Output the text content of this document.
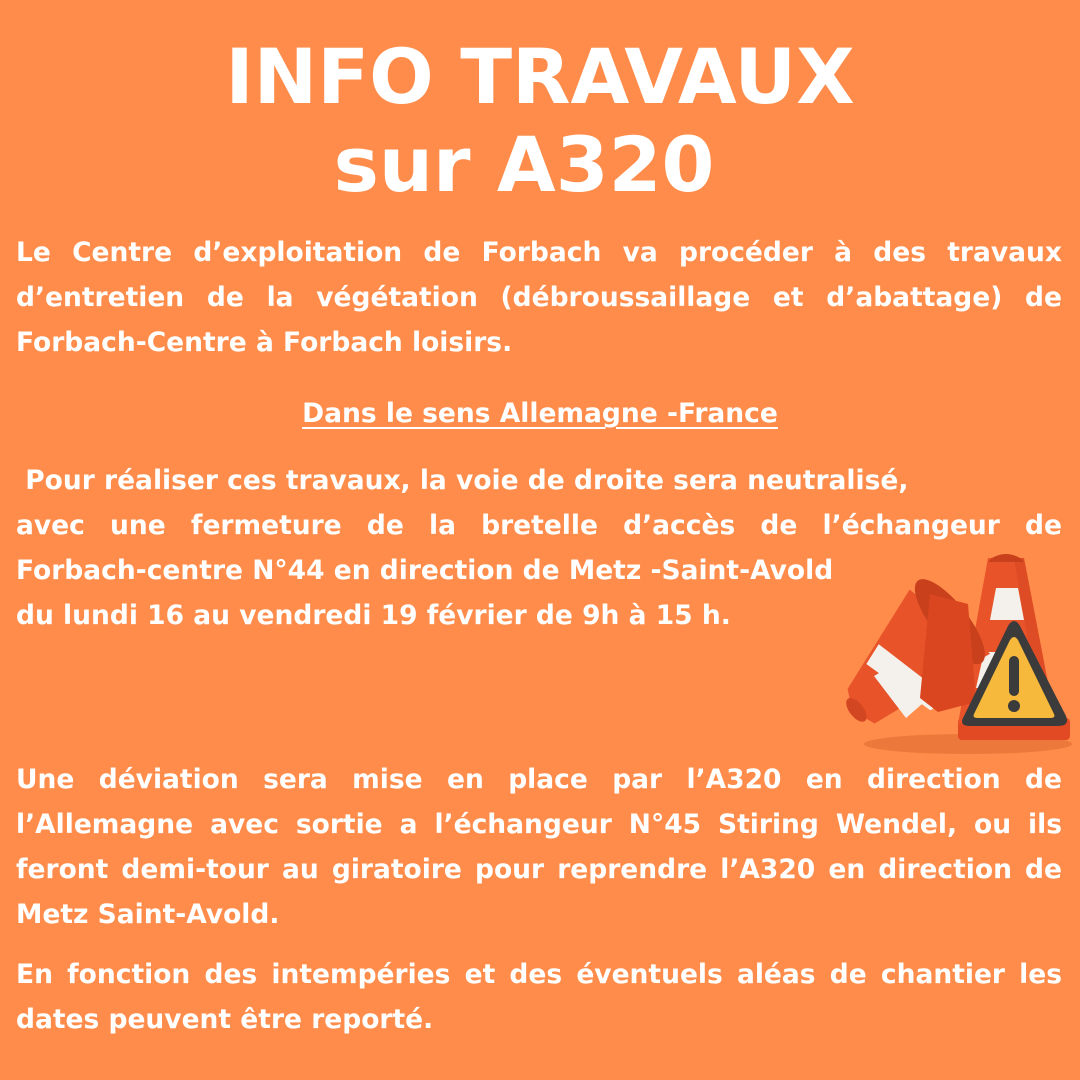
INFO TRAVAUX
sur A320

Le Centre d’exploitation de Forbach va procéder à des travaux d’entretien de la végétation (débroussaillage et d’abattage) de Forbach-Centre à Forbach loisirs.

Dans le sens Allemagne -France
Pour réaliser ces travaux, la voie de droite sera neutralisé,
avec une fermeture de la bretelle d’accès de l’échangeur de
Forbach-centre N°44 en direction de Metz -Saint-Avold
du lundi 16 au vendredi 19 février de 9h à 15 h.

Une déviation sera mise en place par l’A320 en direction de l’Allemagne avec sortie a l’échangeur N°45 Stiring Wendel, ou ils feront demi-tour au giratoire pour reprendre l’A320 en direction de Metz Saint-Avold.

En fonction des intempéries et des éventuels aléas de chantier les dates peuvent être reporté.
